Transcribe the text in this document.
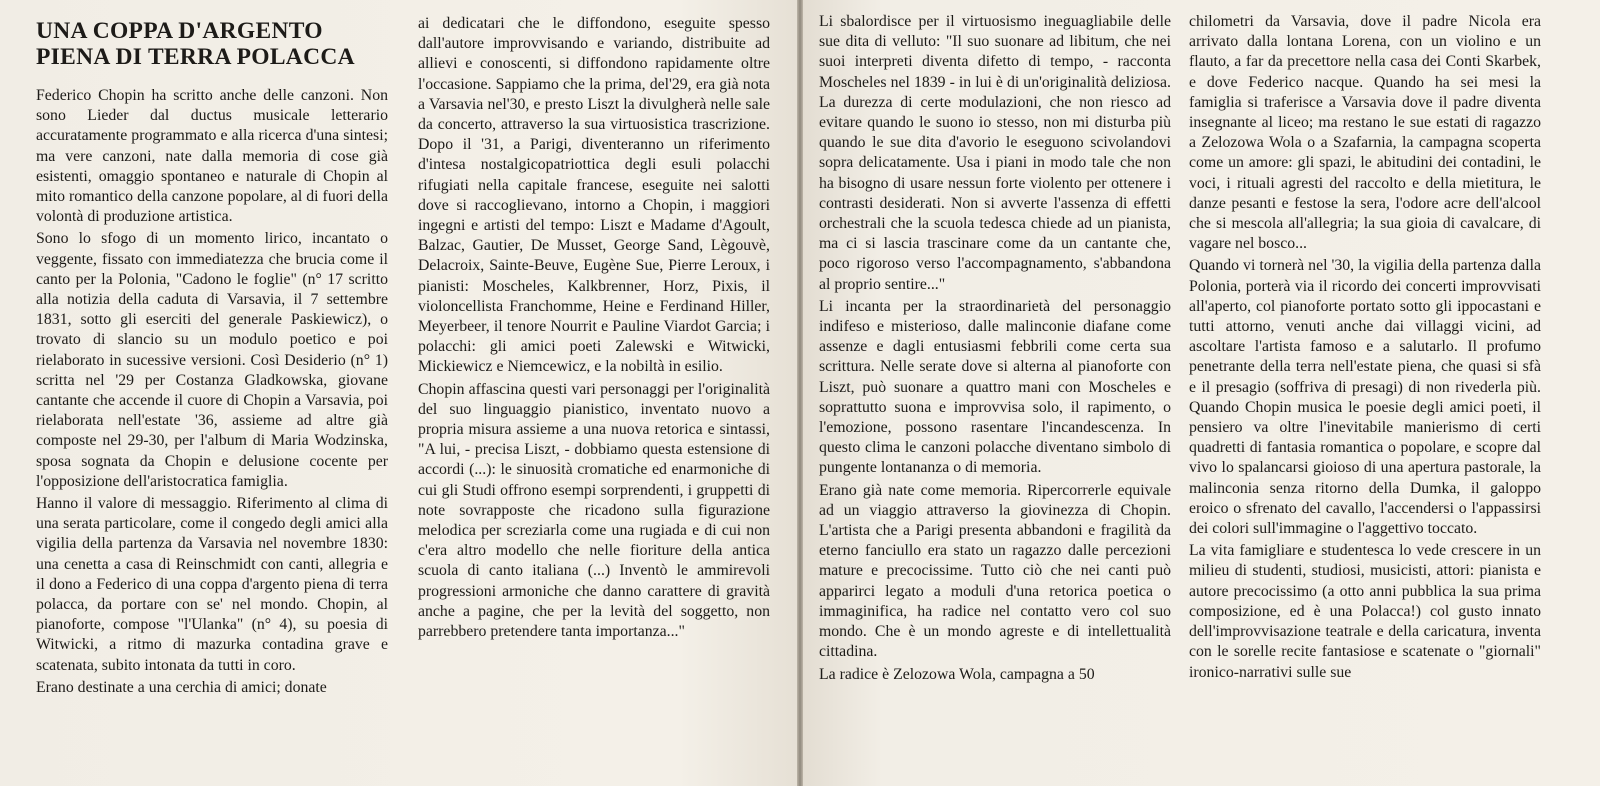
UNA COPPA D'ARGENTO
PIENA DI TERRA POLACCA

Federico Chopin ha scritto anche delle canzoni. Non sono Lieder dal ductus musicale letterario accuratamente programmato e alla ricerca d'una sintesi; ma vere canzoni, nate dalla memoria di cose già esistenti, omaggio spontaneo e naturale di Chopin al mito romantico della canzone popolare, al di fuori della volontà di produzione artistica.

Sono lo sfogo di un momento lirico, incantato o veggente, fissato con immediatezza che brucia come il canto per la Polonia, "Cadono le foglie" (n° 17 scritto alla notizia della caduta di Varsavia, il 7 settembre 1831, sotto gli eserciti del generale Paskiewicz), o trovato di slancio su un modulo poetico e poi rielaborato in sucessive versioni. Così Desiderio (n° 1) scritta nel '29 per Costanza Gladkowska, giovane cantante che accende il cuore di Chopin a Varsavia, poi rielaborata nell'estate '36, assieme ad altre già composte nel 29-30, per l'album di Maria Wodzinska, sposa sognata da Chopin e delusione cocente per l'opposizione dell'aristocratica famiglia.

Hanno il valore di messaggio. Riferimento al clima di una serata particolare, come il congedo degli amici alla vigilia della partenza da Varsavia nel novembre 1830: una cenetta a casa di Reinschmidt con canti, allegria e il dono a Federico di una coppa d'argento piena di terra polacca, da portare con se' nel mondo. Chopin, al pianoforte, compose "l'Ulanka" (n° 4), su poesia di Witwicki, a ritmo di mazurka contadina grave e scatenata, subito intonata da tutti in coro.

Erano destinate a una cerchia di amici; donate

ai dedicatari che le diffondono, eseguite spesso dall'autore improvvisando e variando, distribuite ad allievi e conoscenti, si diffondono rapidamente oltre l'occasione. Sappiamo che la prima, del'29, era già nota a Varsavia nel'30, e presto Liszt la divulgherà nelle sale da concerto, attraverso la sua virtuosistica trascrizione. Dopo il '31, a Parigi, diventeranno un riferimento d'intesa nostalgicopatriottica degli esuli polacchi rifugiati nella capitale francese, eseguite nei salotti dove si raccoglievano, intorno a Chopin, i maggiori ingegni e artisti del tempo: Liszt e Madame d'Agoult, Balzac, Gautier, De Musset, George Sand, Lègouvè, Delacroix, Sainte-Beuve, Eugène Sue, Pierre Leroux, i pianisti: Moscheles, Kalkbrenner, Horz, Pixis, il violoncellista Franchomme, Heine e Ferdinand Hiller, Meyerbeer, il tenore Nourrit e Pauline Viardot Garcia; i polacchi: gli amici poeti Zalewski e Witwicki, Mickiewicz e Niemcewicz, e la nobiltà in esilio.

Chopin affascina questi vari personaggi per l'originalità del suo linguaggio pianistico, inventato nuovo a propria misura assieme a una nuova retorica e sintassi, "A lui, - precisa Liszt, - dobbiamo questa estensione di accordi (...): le sinuosità cromatiche ed enarmoniche di cui gli Studi offrono esempi sorprendenti, i gruppetti di note sovrapposte che ricadono sulla figurazione melodica per screziarla come una rugiada e di cui non c'era altro modello che nelle fioriture della antica scuola di canto italiana (...) Inventò le ammirevoli progressioni armoniche che danno carattere di gravità anche a pagine, che per la levità del soggetto, non parrebbero pretendere tanta importanza..."

Li sbalordisce per il virtuosismo ineguagliabile delle sue dita di velluto: "Il suo suonare ad libitum, che nei suoi interpreti diventa difetto di tempo, - racconta Moscheles nel 1839 - in lui è di un'originalità deliziosa. La durezza di certe modulazioni, che non riesco ad evitare quando le suono io stesso, non mi disturba più quando le sue dita d'avorio le eseguono scivolandovi sopra delicatamente. Usa i piani in modo tale che non ha bisogno di usare nessun forte violento per ottenere i contrasti desiderati. Non si avverte l'assenza di effetti orchestrali che la scuola tedesca chiede ad un pianista, ma ci si lascia trascinare come da un cantante che, poco rigoroso verso l'accompagnamento, s'abbandona al proprio sentire..."

Li incanta per la straordinarietà del personaggio indifeso e misterioso, dalle malinconie diafane come assenze e dagli entusiasmi febbrili come certa sua scrittura. Nelle serate dove si alterna al pianoforte con Liszt, può suonare a quattro mani con Moscheles e soprattutto suona e improvvisa solo, il rapimento, o l'emozione, possono rasentare l'incandescenza. In questo clima le canzoni polacche diventano simbolo di pungente lontananza o di memoria.

Erano già nate come memoria. Ripercorrerle equivale ad un viaggio attraverso la giovinezza di Chopin. L'artista che a Parigi presenta abbandoni e fragilità da eterno fanciullo era stato un ragazzo dalle percezioni mature e precocissime. Tutto ciò che nei canti può apparirci legato a moduli d'una retorica poetica o immaginifica, ha radice nel contatto vero col suo mondo. Che è un mondo agreste e di intellettualità cittadina.

La radice è Zelozowa Wola, campagna a 50

chilometri da Varsavia, dove il padre Nicola era arrivato dalla lontana Lorena, con un violino e un flauto, a far da precettore nella casa dei Conti Skarbek, e dove Federico nacque. Quando ha sei mesi la famiglia si traferisce a Varsavia dove il padre diventa insegnante al liceo; ma restano le sue estati di ragazzo a Zelozowa Wola o a Szafarnia, la campagna scoperta come un amore: gli spazi, le abitudini dei contadini, le voci, i rituali agresti del raccolto e della mietitura, le danze pesanti e festose la sera, l'odore acre dell'alcool che si mescola all'allegria; la sua gioia di cavalcare, di vagare nel bosco...

Quando vi tornerà nel '30, la vigilia della partenza dalla Polonia, porterà via il ricordo dei concerti improvvisati all'aperto, col pianoforte portato sotto gli ippocastani e tutti attorno, venuti anche dai villaggi vicini, ad ascoltare l'artista famoso e a salutarlo. Il profumo penetrante della terra nell'estate piena, che quasi si sfà e il presagio (soffriva di presagi) di non rivederla più. Quando Chopin musica le poesie degli amici poeti, il pensiero va oltre l'inevitabile manierismo di certi quadretti di fantasia romantica o popolare, e scopre dal vivo lo spalancarsi gioioso di una apertura pastorale, la malinconia senza ritorno della Dumka, il galoppo eroico o sfrenato del cavallo, l'accendersi o l'appassirsi dei colori sull'immagine o l'aggettivo toccato.

La vita famigliare e studentesca lo vede crescere in un milieu di studenti, studiosi, musicisti, attori: pianista e autore precocissimo (a otto anni pubblica la sua prima composizione, ed è una Polacca!) col gusto innato dell'improvvisazione teatrale e della caricatura, inventa con le sorelle recite fantasiose e scatenate o "giornali" ironico-narrativi sulle sue
